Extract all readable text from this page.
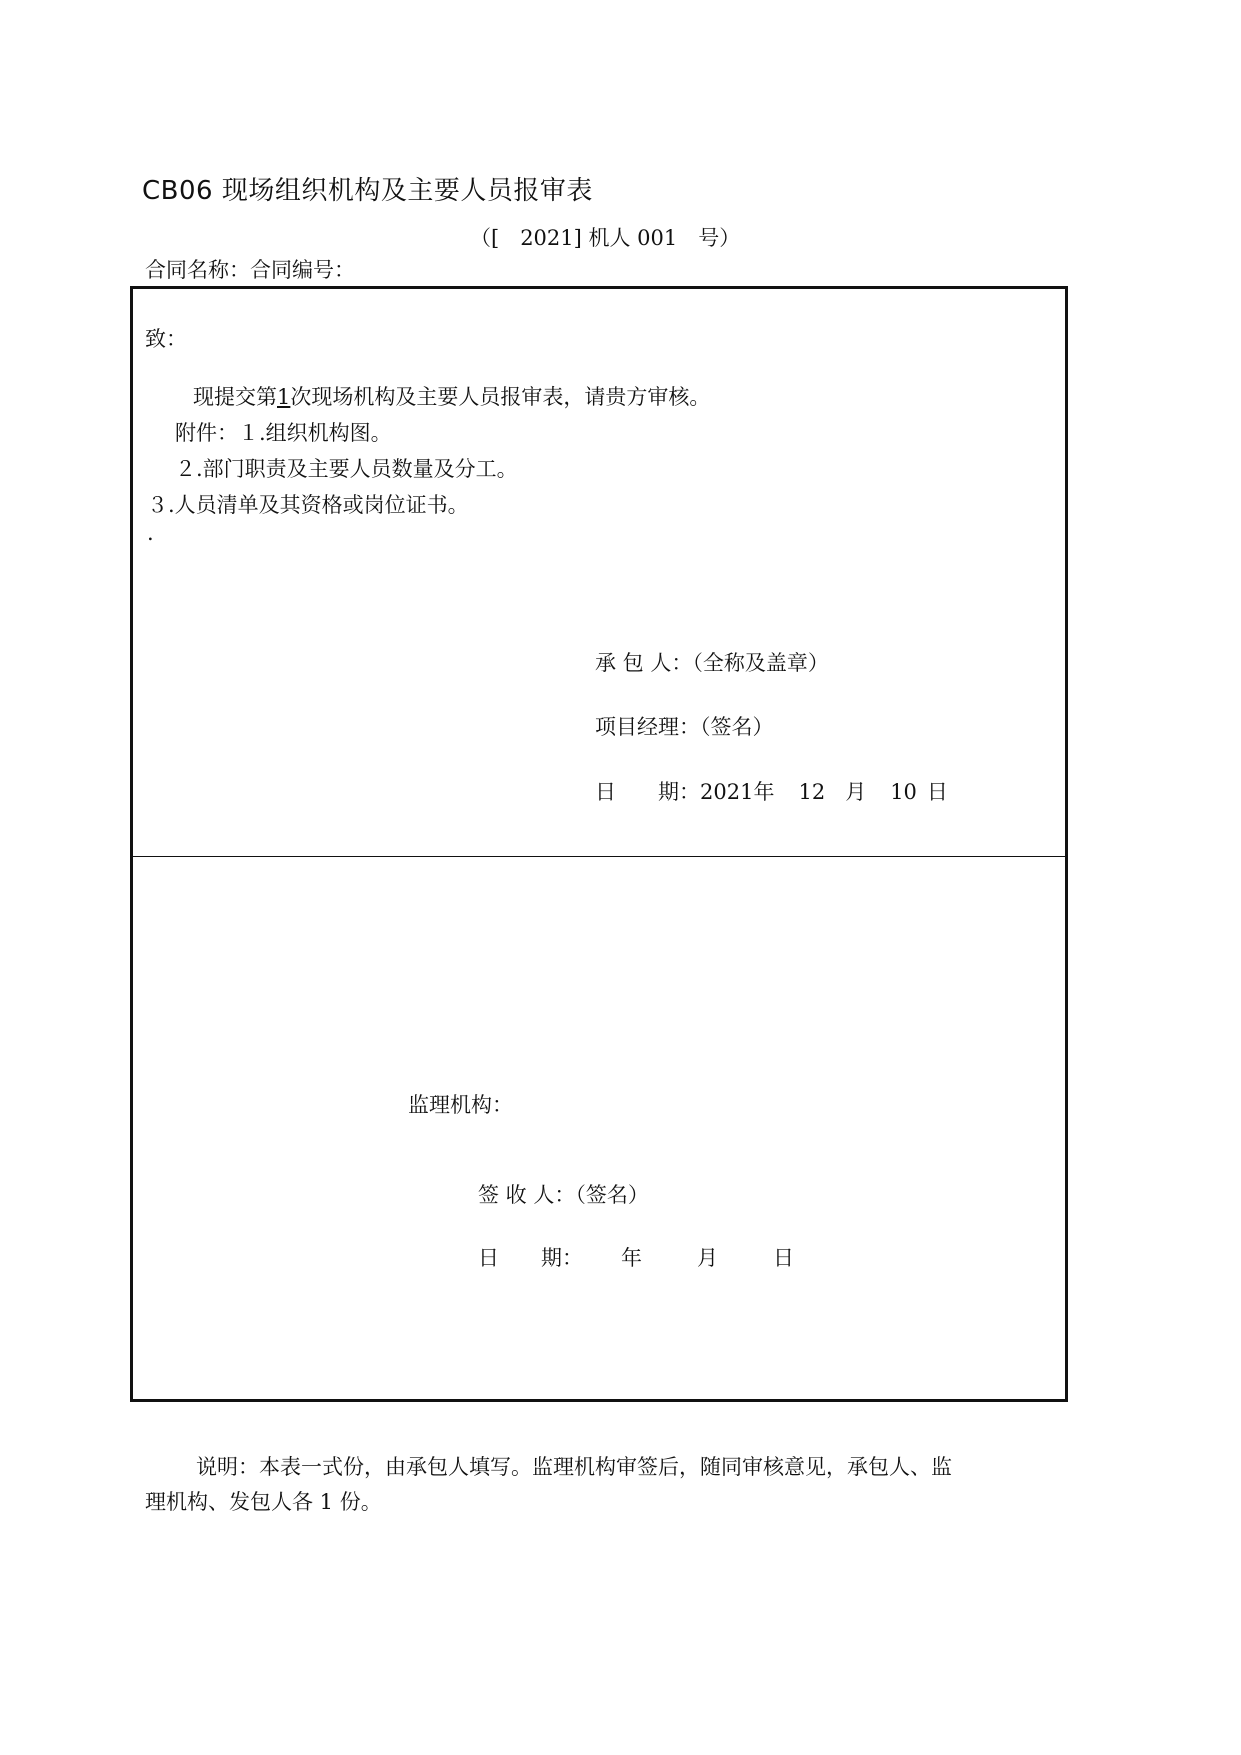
CB06 现场组织机构及主要人员报审表
（[　2021] 机人 001　号）
合同名称：合同编号：
致：
现提交第1次现场机构及主要人员报审表，请贵方审核。
附件：１.组织机构图。
２.部门职责及主要人员数量及分工。
３.人员清单及其资格或岗位证书。
.
承 包 人：（全称及盖章）
项目经理：（签名）
日　　期：2021年 12 月 10 日
监理机构：
签 收 人：（签名）
日　　期： 年	月	日
说明：本表一式份，由承包人填写。监理机构审签后，随同审核意见，承包人、监
理机构、发包人各 1 份。
